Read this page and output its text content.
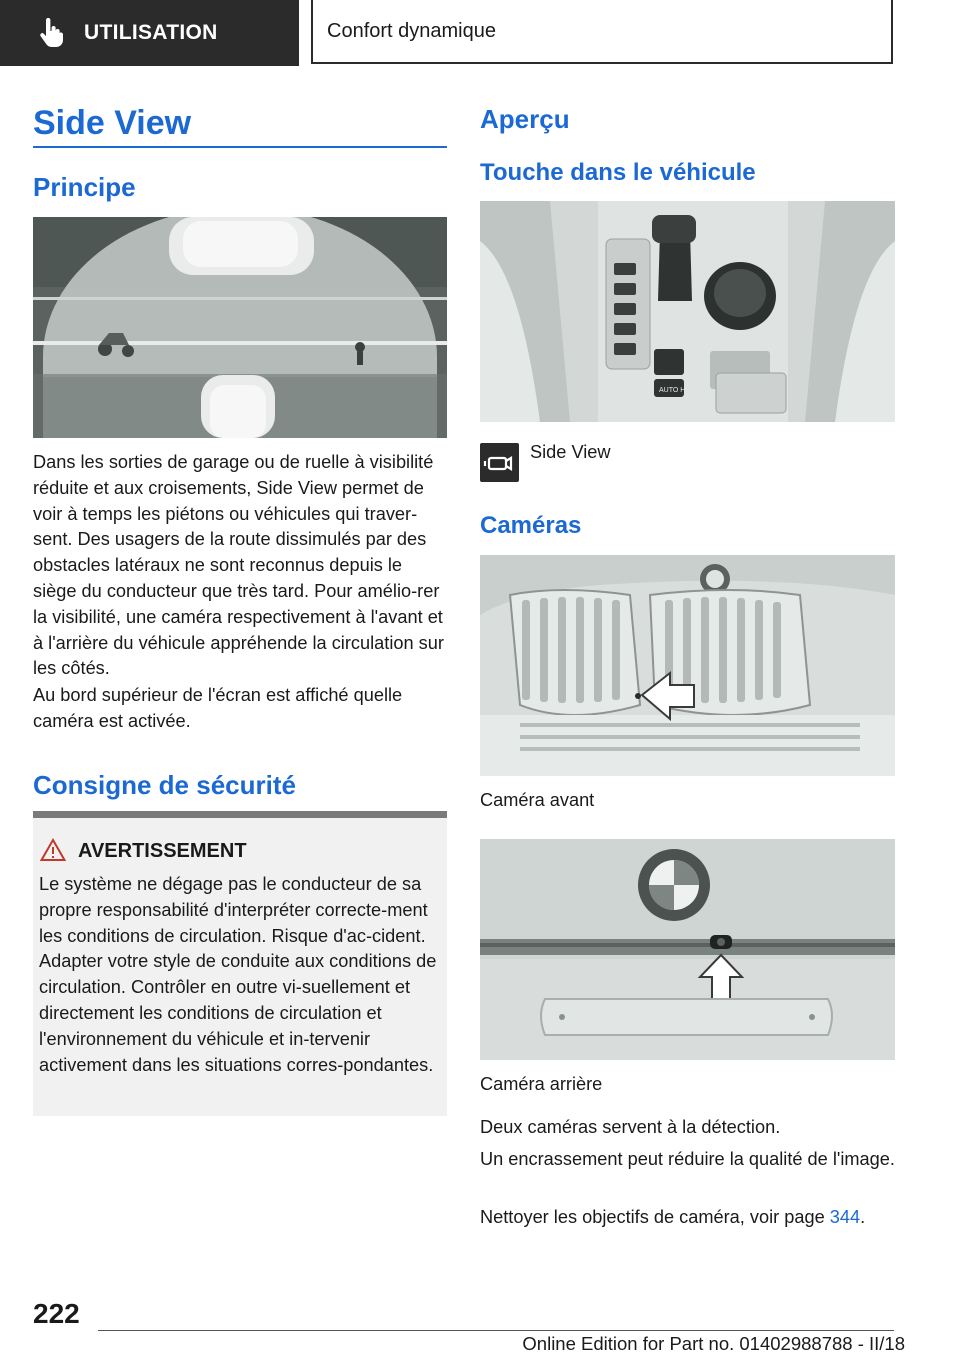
UTILISATION	Confort dynamique
Side View
Principe

Dans les sorties de garage ou de ruelle à visibilité réduite et aux croisements, Side View permet de voir à temps les piétons ou véhicules qui traver‐sent. Des usagers de la route dissimulés par des obstacles latéraux ne sont reconnus depuis le siège du conducteur que très tard. Pour amélio‐rer la visibilité, une caméra respectivement à l'avant et à l'arrière du véhicule appréhende la circulation sur les côtés.

Au bord supérieur de l'écran est affiché quelle caméra est activée.

Consigne de sécurité
AVERTISSEMENT

Le système ne dégage pas le conducteur de sa propre responsabilité d'interpréter correcte‐ment les conditions de circulation. Risque d'ac‐cident. Adapter votre style de conduite aux conditions de circulation. Contrôler en outre vi‐suellement et directement les conditions de circulation et l'environnement du véhicule et in‐tervenir activement dans les situations corres‐pondantes.

Aperçu
Touche dans le véhicule
AUTO H
Side View
Caméras
Caméra avant
Caméra arrière

Deux caméras servent à la détection.

Un encrassement peut réduire la qualité de l'image.

Nettoyer les objectifs de caméra, voir page 344.

222
Online Edition for Part no. 01402988788 - II/18
